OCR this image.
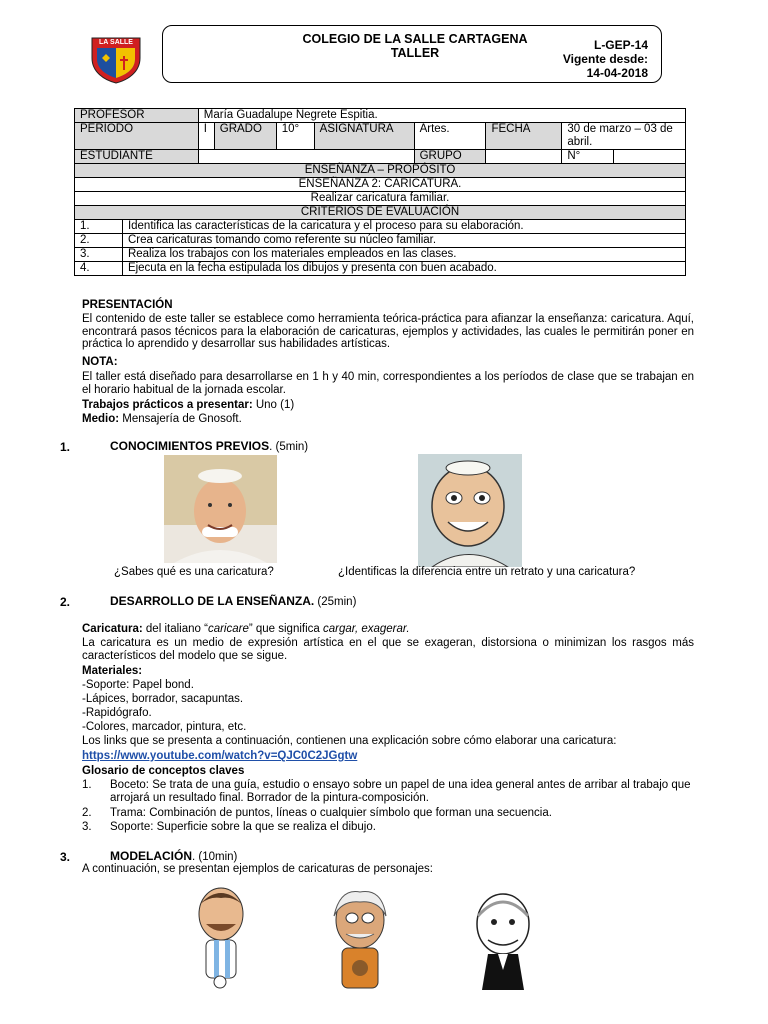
LA SALLE	COLEGIO DE LA SALLE CARTAGENA
TALLER
L-GEP-14
Vigente desde:
14-04-2018
PROFESOR		María Guadalupe Negrete Espitia.							
PERIODO		I	GRADO	10°	ASIGNATURA	Artes.	FECHA	30 de marzo – 03 de abril.	
ESTUDIANTE						GRUPO		N°	
ENSEÑANZA – PROPÓSITO									
ENSEÑANZA 2: CARICATURA.									
Realizar caricatura familiar.									
CRITERIOS DE EVALUACIÓN									
1.	Identifica las características de la caricatura y el proceso para su elaboración.								
2.	Crea caricaturas tomando como referente su núcleo familiar.								
3.	Realiza los trabajos con los materiales empleados en las clases.								
4.	Ejecuta en la fecha estipulada los dibujos y presenta con buen acabado.								
PRESENTACIÓN
El contenido de este taller se establece como herramienta teórica-práctica para afianzar la enseñanza: caricatura. Aquí, encontrará pasos técnicos para la elaboración de caricaturas, ejemplos y actividades, las cuales le permitirán poner en práctica lo aprendido y desarrollar sus habilidades artísticas.
NOTA:
El taller está diseñado para desarrollarse en 1 h y 40 min, correspondientes a los períodos de clase que se trabajan en el horario habitual de la jornada escolar.
Trabajos prácticos a presentar: Uno (1)
Medio: Mensajería de Gnosoft.
1.	CONOCIMIENTOS PREVIOS. (5min)
¿Sabes qué es una caricatura?	¿Identificas la diferencia entre un retrato y una caricatura?
2.	DESARROLLO DE LA ENSEÑANZA. (25min)
Caricatura: del italiano “caricare” que significa cargar, exagerar.
La caricatura es un medio de expresión artística en el que se exageran, distorsiona o minimizan los rasgos más característicos del modelo que se sigue.
Materiales:
-Soporte: Papel bond.
-Lápices, borrador, sacapuntas.
-Rapidógrafo.
-Colores, marcador, pintura, etc.
Los links que se presenta a continuación, contienen una explicación sobre cómo elaborar una caricatura:
https://www.youtube.com/watch?v=QJC0C2JGgtw
Glosario de conceptos claves
1. Boceto: Se trata de una guía, estudio o ensayo sobre un papel de una idea general antes de arribar al trabajo que arrojará un resultado final. Borrador de la pintura-composición.
2. Trama: Combinación de puntos, líneas o cualquier símbolo que forman una secuencia.
3. Soporte: Superficie sobre la que se realiza el dibujo.
3.	MODELACIÓN. (10min)
A continuación, se presentan ejemplos de caricaturas de personajes:
